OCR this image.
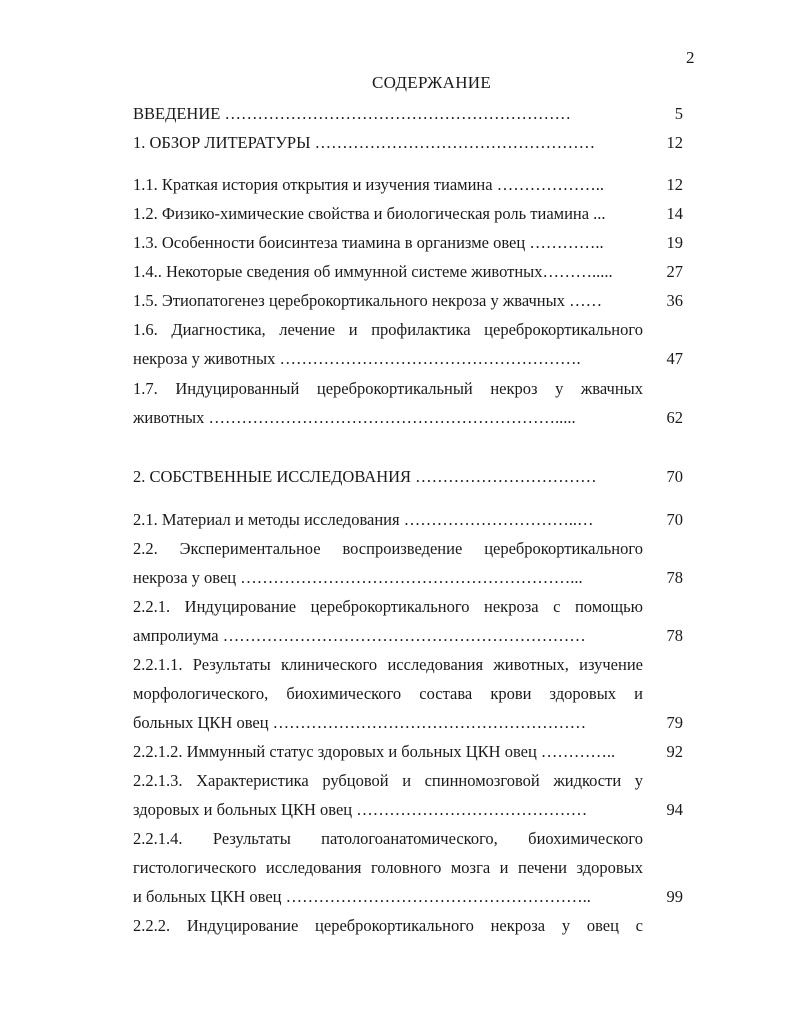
2
СОДЕРЖАНИЕ
ВВЕДЕНИЕ ………………………………………………………	5
1. ОБЗОР ЛИТЕРАТУРЫ ……………………………………………	12
1.1. Краткая история открытия и изучения тиамина ………………..	12
1.2. Физико-химические свойства и биологическая роль тиамина ...	14
1.3. Особенности боисинтеза тиамина в организме овец …………..	19
1.4.. Некоторые сведения об иммунной системе животных……….....	27
1.5. Этиопатогенез цереброкортикального некроза у жвачных ……	36
1.6. Диагностика, лечение и профилактика цереброкортикального
некроза у животных ……………………………………………….	47
1.7. Индуцированный цереброкортикальный некроз у жвачных
животных ……………………………………………………….....	62
2. СОБСТВЕННЫЕ ИССЛЕДОВАНИЯ ……………………………	70
2.1. Материал и методы исследования …………………………..…	70
2.2. Экспериментальное воспроизведение цереброкортикального
некроза у овец ……………………………………………………...	78
2.2.1. Индуцирование цереброкортикального некроза с помощью
ампролиума …………………………………………………………	78
2.2.1.1. Результаты клинического исследования животных, изучение
морфологического, биохимического состава крови здоровых и
больных ЦКН овец …………………………………………………	79
2.2.1.2. Иммунный статус здоровых и больных ЦКН овец …………..	92
2.2.1.3. Характеристика рубцовой и спинномозговой жидкости у
здоровых и больных ЦКН овец ……………………………………	94
2.2.1.4. Результаты патологоанатомического, биохимического
гистологического исследования головного мозга и печени здоровых
и больных ЦКН овец ………………………………………………..	99
2.2.2. Индуцирование цереброкортикального некроза у овец с
